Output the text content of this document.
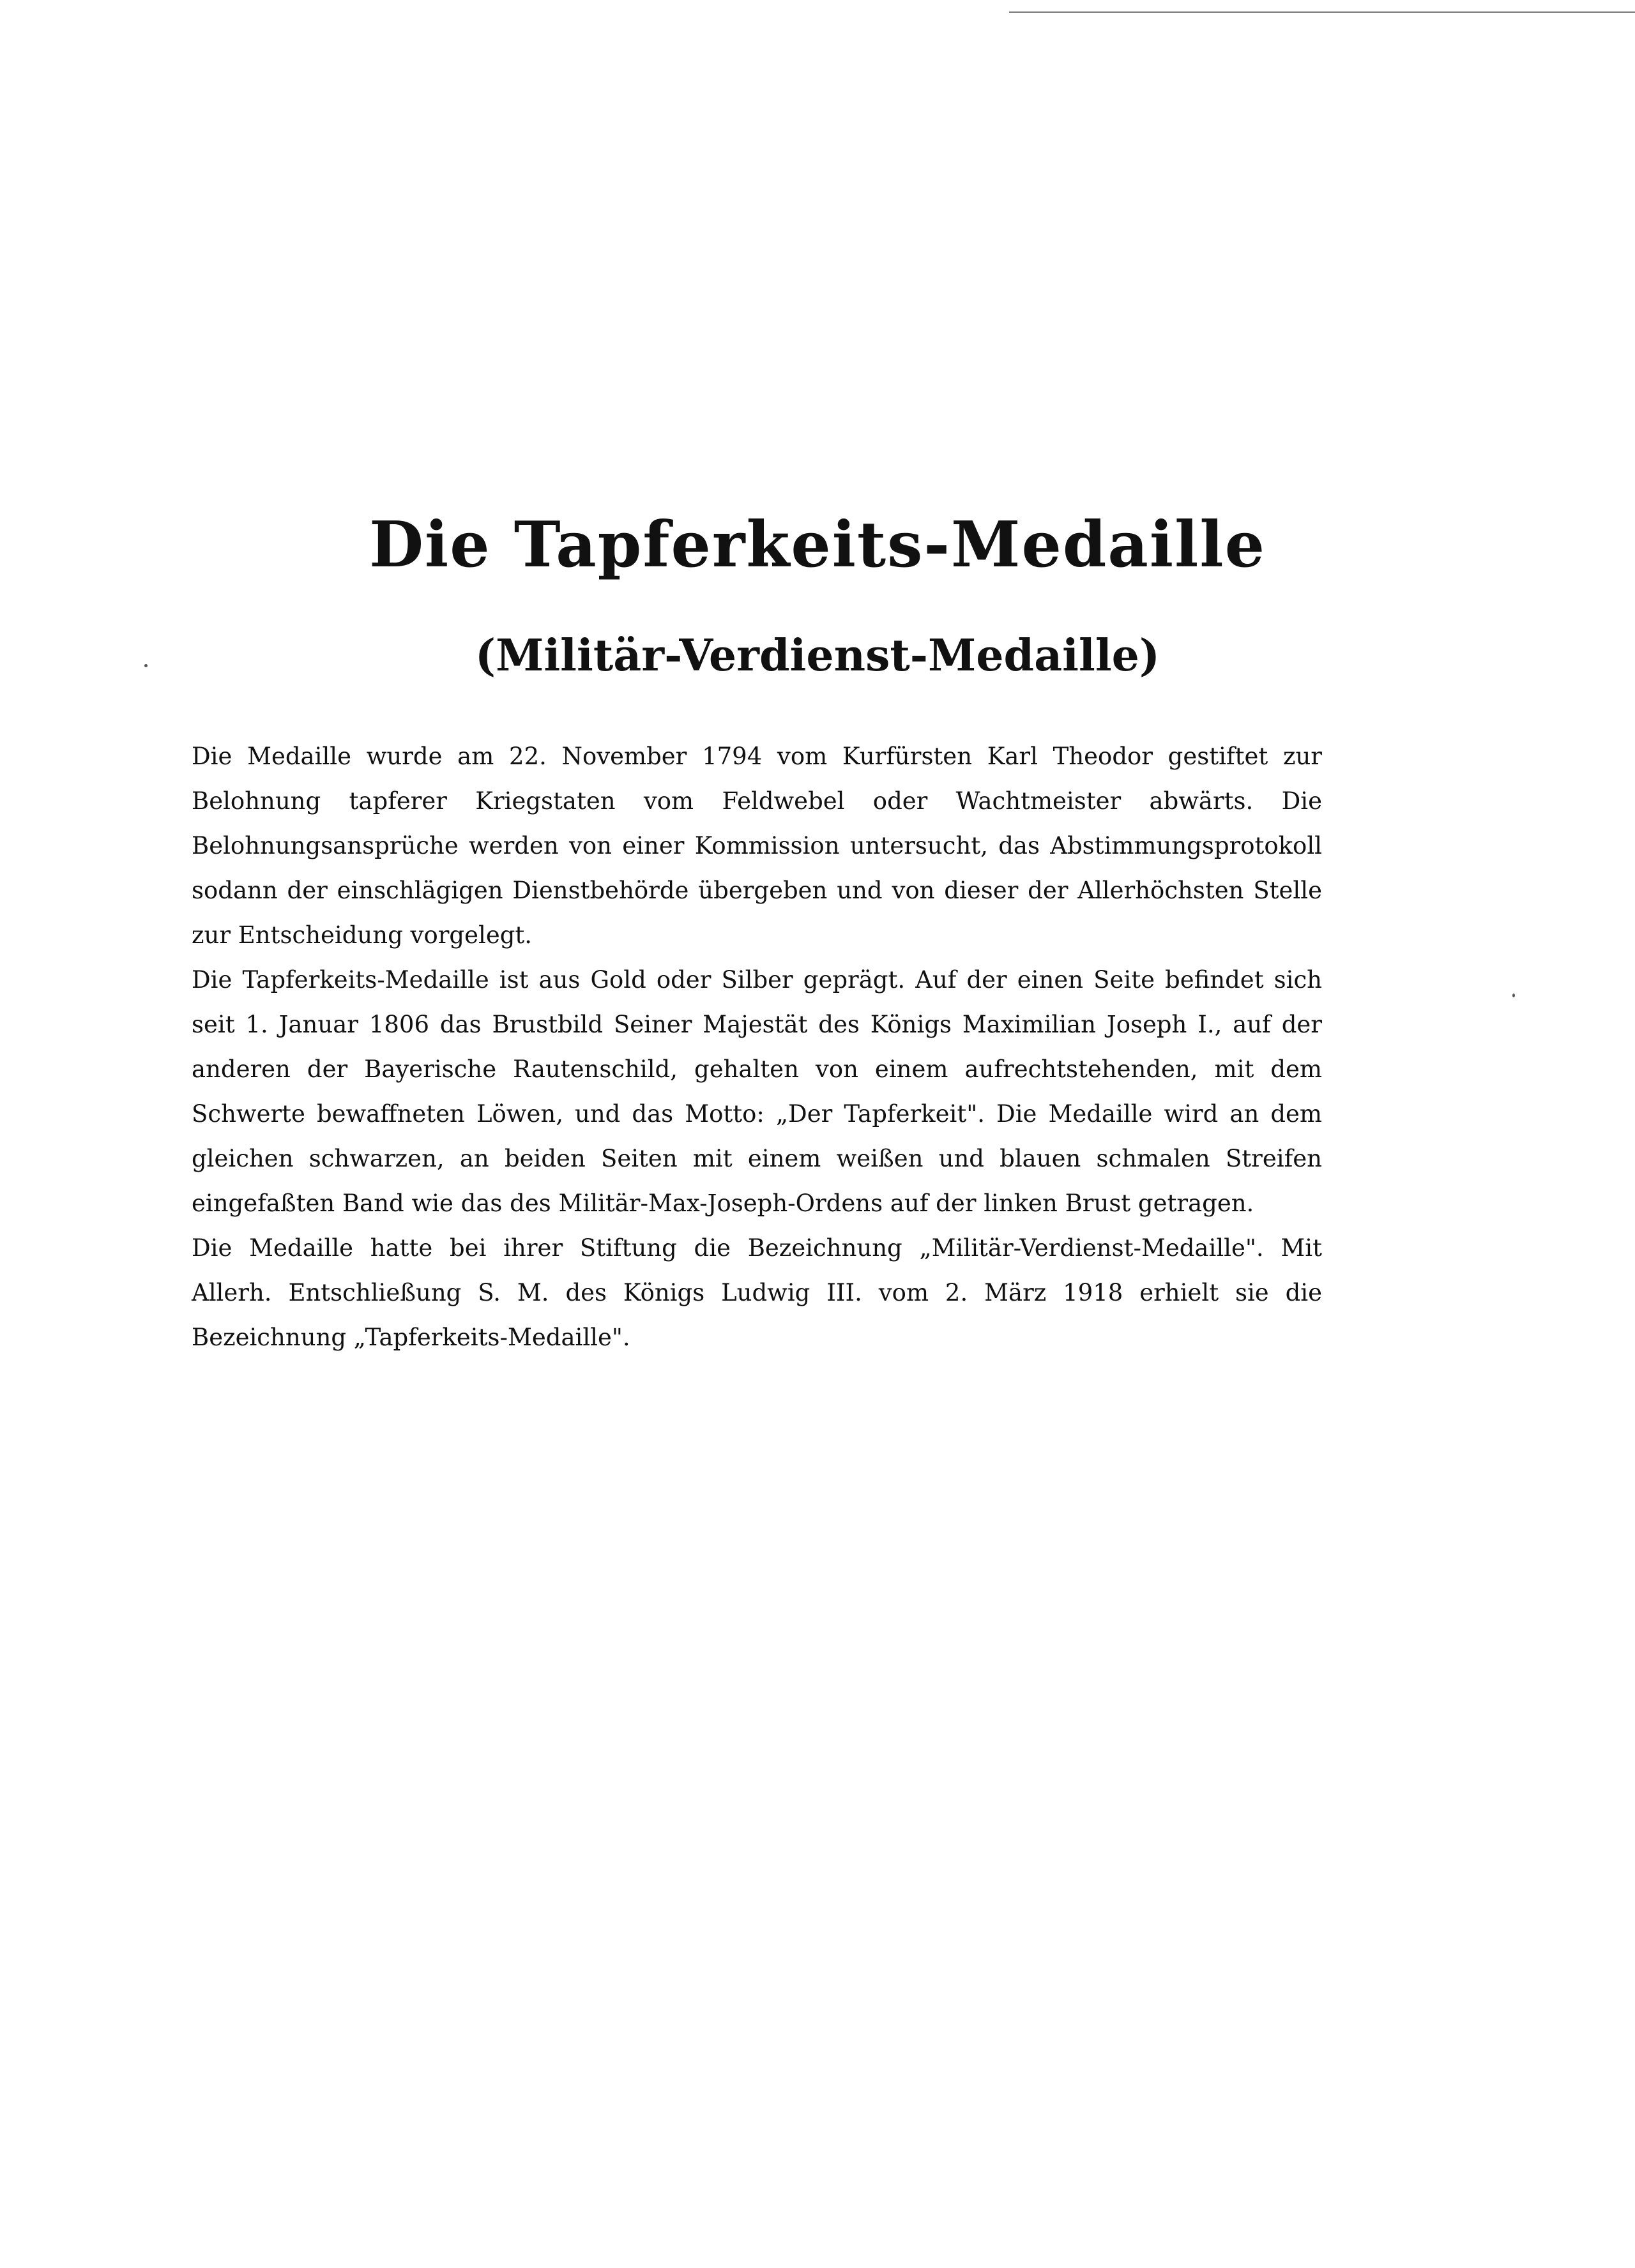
Die Tapferkeits-Medaille
(Militär-Verdienst-Medaille)

Die Medaille wurde am 22. November 1794 vom Kurfürsten Karl Theodor gestiftet zur Belohnung tapferer Kriegstaten vom Feldwebel oder Wachtmeister abwärts. Die Belohnungsansprüche werden von einer Kommission untersucht, das Abstimmungsprotokoll sodann der einschlägigen Dienstbehörde übergeben und von dieser der Allerhöchsten Stelle zur Entscheidung vorgelegt.

Die Tapferkeits-Medaille ist aus Gold oder Silber geprägt. Auf der einen Seite befindet sich seit 1. Januar 1806 das Brustbild Seiner Majestät des Königs Maximilian Joseph I., auf der anderen der Bayerische Rautenschild, gehalten von einem aufrechtstehenden, mit dem Schwerte bewaffneten Löwen, und das Motto: „Der Tapferkeit". Die Medaille wird an dem gleichen schwarzen, an beiden Seiten mit einem weißen und blauen schmalen Streifen eingefaßten Band wie das des Militär-Max-Joseph-Ordens auf der linken Brust getragen.

Die Medaille hatte bei ihrer Stiftung die Bezeichnung „Militär-Verdienst-Medaille". Mit Allerh. Entschließung S. M. des Königs Ludwig III. vom 2. März 1918 erhielt sie die Bezeichnung „Tapferkeits-Medaille".
